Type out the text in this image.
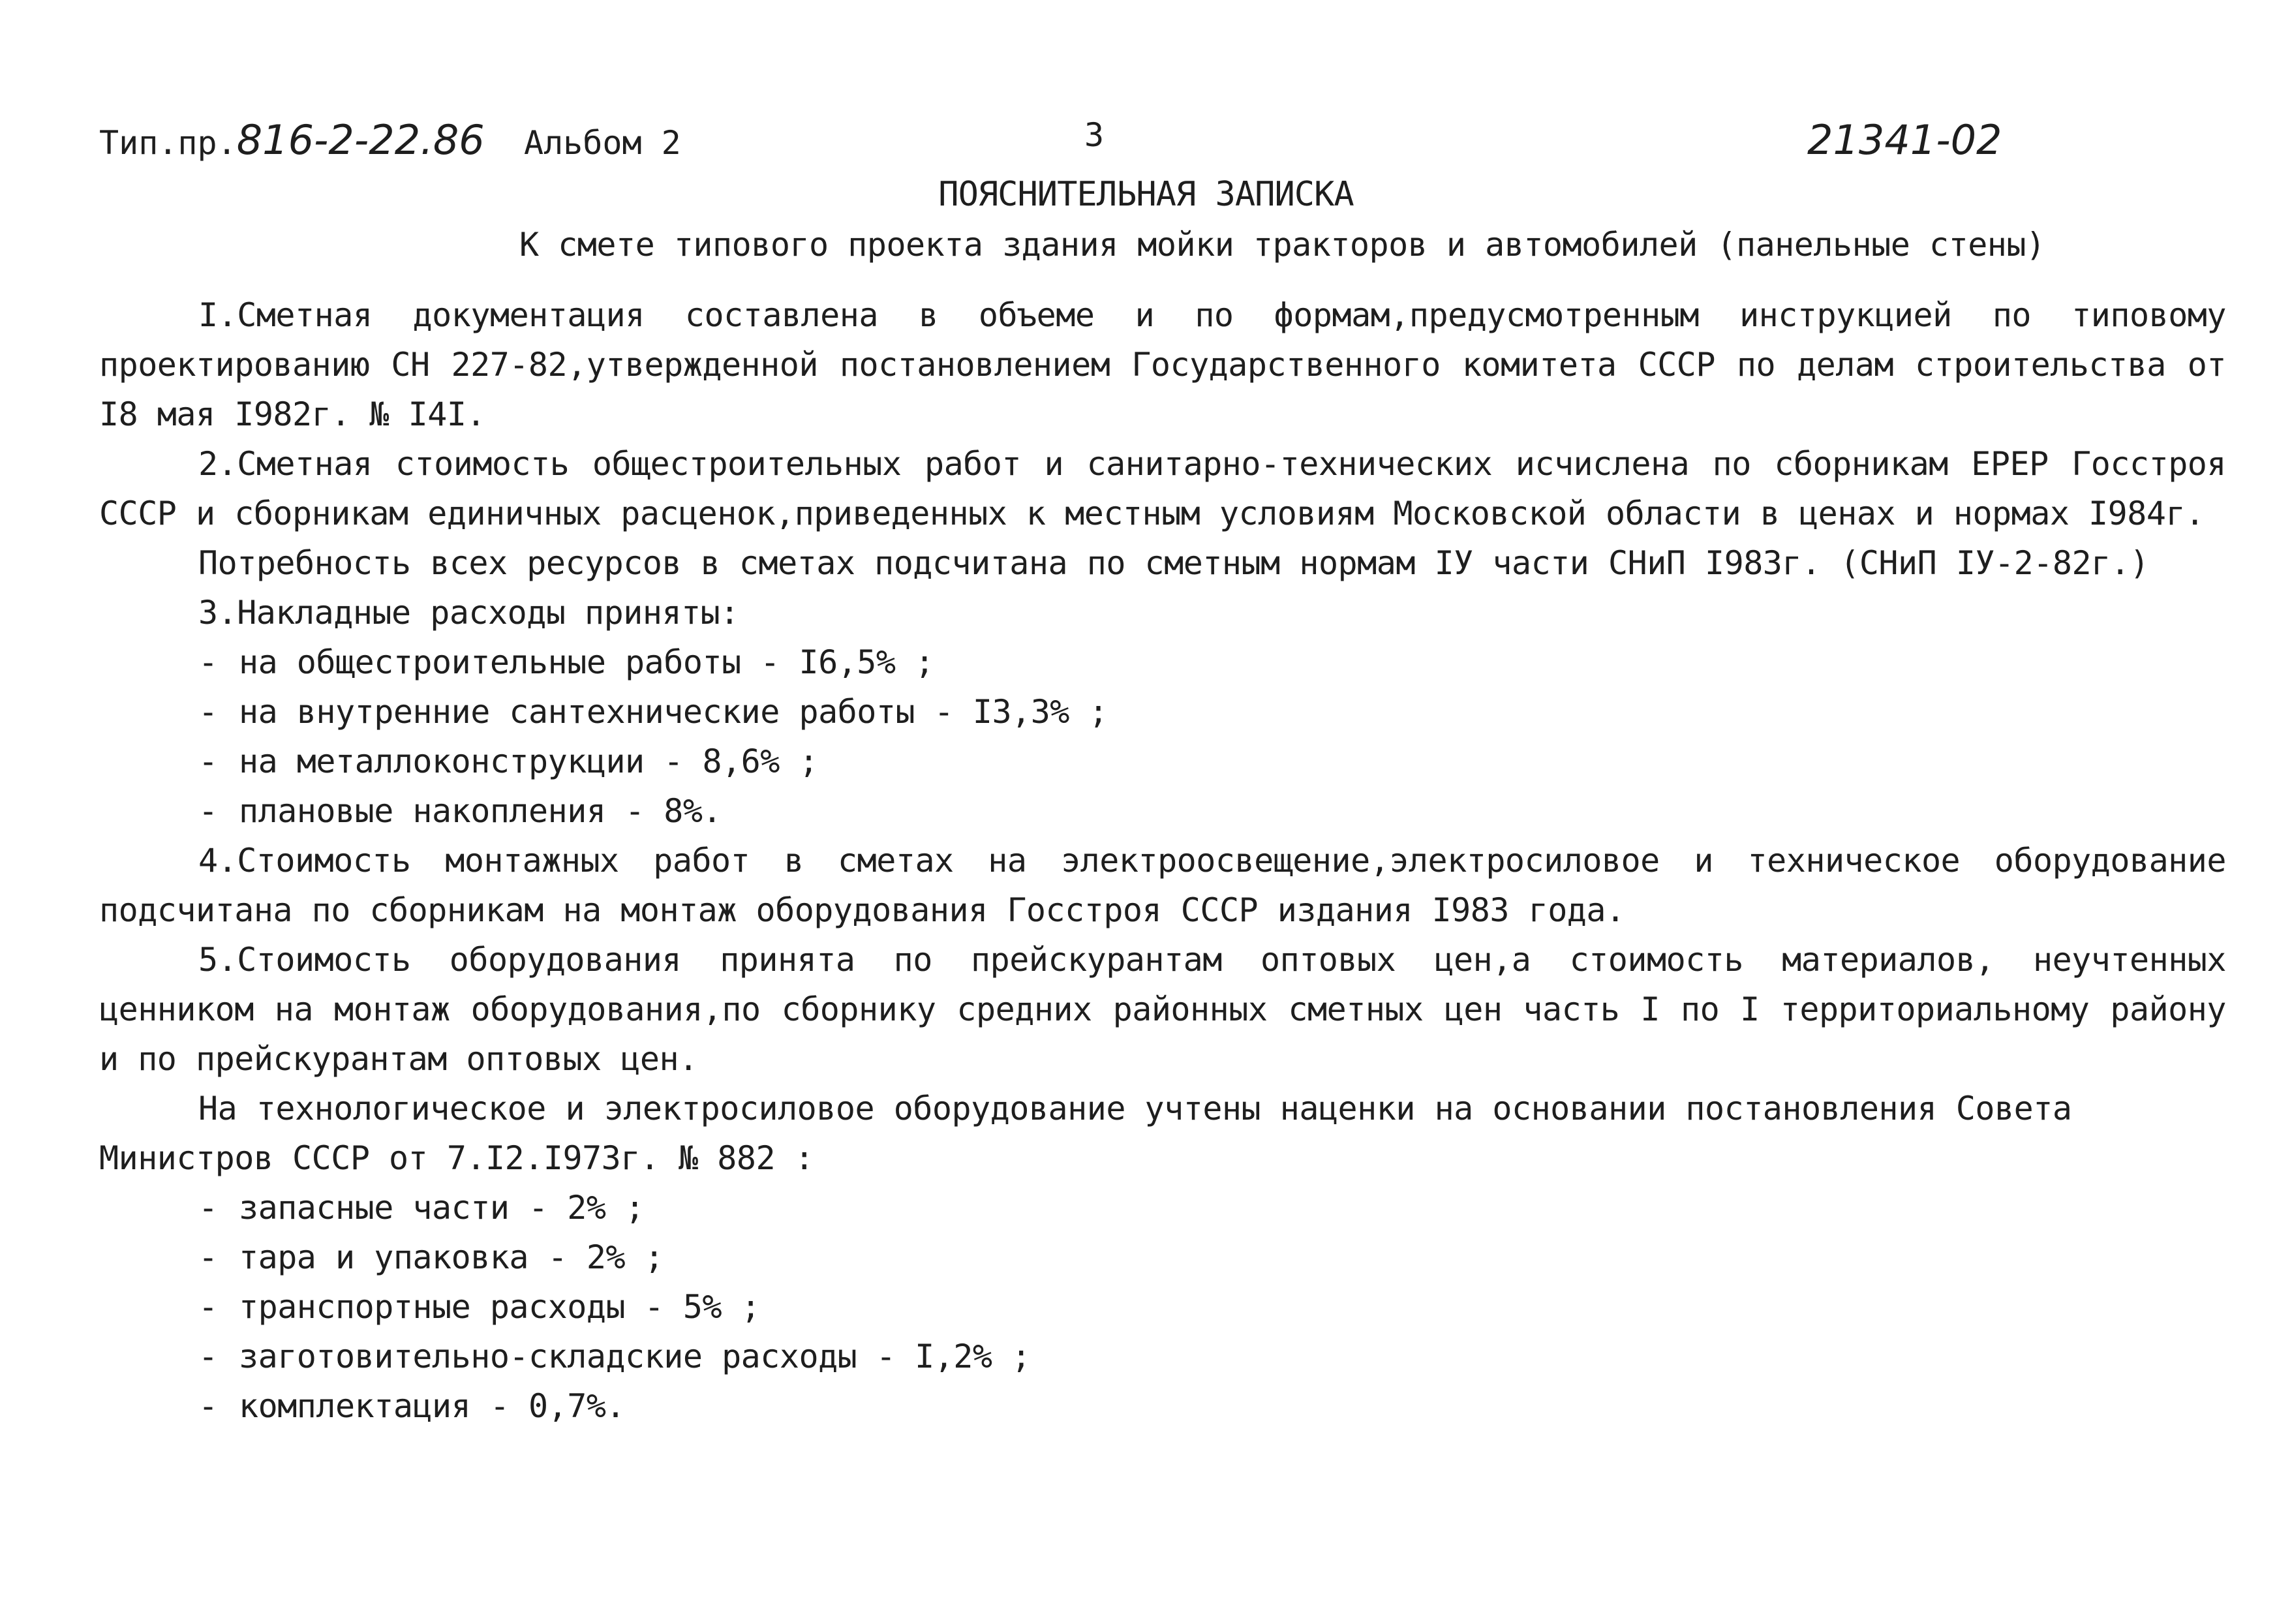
Тип.пр.816-2-22.86 Альбом 2	3	21341-02
ПОЯСНИТЕЛЬНАЯ ЗАПИСКА
К смете типового проекта здания мойки тракторов и автомобилей (панельные стены)

I.Сметная документация составлена в объеме и по формам,предусмотренным инструкцией по типовому проектированию СН 227-82,утвержденной постановлением Государственного комитета СССР по делам строительства от I8 мая I982г. № I4I.

2.Сметная стоимость общестроительных работ и санитарно-технических исчислена по сборникам ЕРЕР Госстроя СССР и сборникам единичных расценок,приведенных к местным условиям Московской области в ценах и нормах I984г.

Потребность всех ресурсов в сметах подсчитана по сметным нормам IУ части СНиП I983г. (СНиП IУ-2-82г.)

3.Накладные расходы приняты:

- на общестроительные работы - I6,5% ;
- на внутренние сантехнические работы - I3,3% ;
- на металлоконструкции - 8,6% ;
- плановые накопления - 8%.

4.Стоимость монтажных работ в сметах на электроосвещение,электросиловое и техническое оборудование подсчитана по сборникам на монтаж оборудования Госстроя СССР издания I983 года.

5.Стоимость оборудования принята по прейскурантам оптовых цен,а стоимость материалов, неучтенных ценником на монтаж оборудования,по сборнику средних районных сметных цен часть I по I территориальному району и по прейскурантам оптовых цен.

На технологическое и электросиловое оборудование учтены наценки на основании постановления Совета Министров СССР от 7.I2.I973г. № 882 :

- запасные части - 2% ;
- тара и упаковка - 2% ;
- транспортные расходы - 5% ;
- заготовительно-складские расходы - I,2% ;
- комплектация - 0,7%.
